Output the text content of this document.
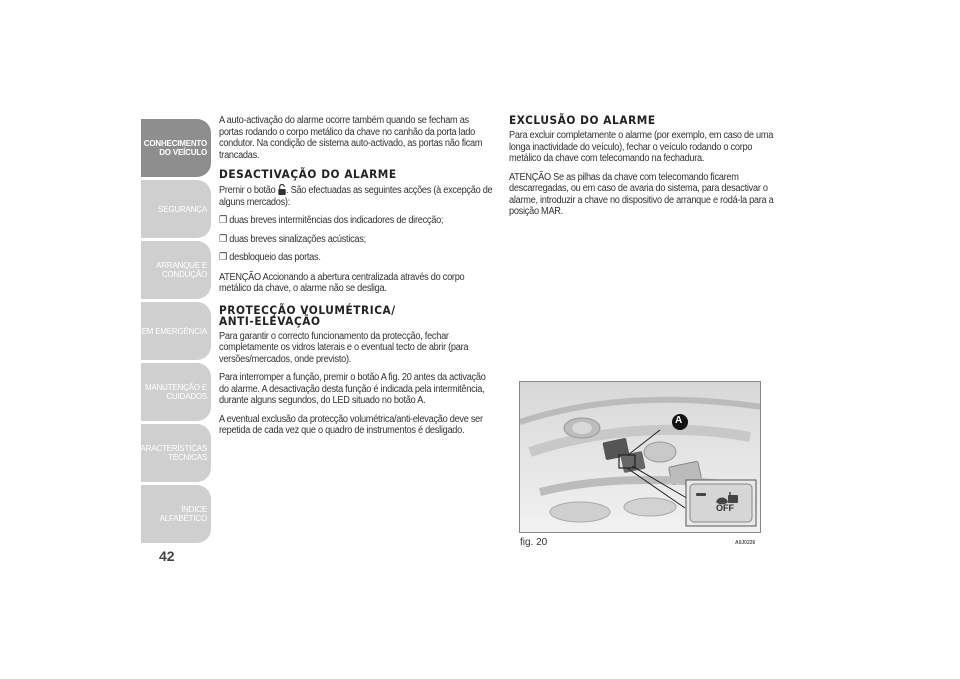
CONHECIMENTO DO VEÍCULO
SEGURANÇA
ARRANQUE E CONDUÇÃO
EM EMERGÊNCIA
MANUTENÇÃO E CUIDADOS
CARACTERÍSTICAS TÉCNICAS
ÍNDICE ALFABÉTICO
42

A auto-activação do alarme ocorre também quando se fecham as portas rodando o corpo metálico da chave no canhão da porta lado condutor. Na condição de sistema auto-activado, as portas não ficam trancadas.

DESACTIVAÇÃO DO ALARME

Premir o botão . São efectuadas as seguintes acções (à excepção de alguns mercados):

❐ duas breves intermitências dos indicadores de direcção;

❐ duas breves sinalizações acústicas;

❐ desbloqueio das portas.

ATENÇÃO Accionando a abertura centralizada através do corpo metálico da chave, o alarme não se desliga.

PROTECÇÃO VOLUMÉTRICA/
ANTI-ELEVAÇÃO

Para garantir o correcto funcionamento da protecção, fechar completamente os vidros laterais e o eventual tecto de abrir (para versões/mercados, onde previsto).

Para interromper a função, premir o botão A fig. 20 antes da activação do alarme. A desactivação desta função é indicada pela intermitência, durante alguns segundos, do LED situado no botão A.

A eventual exclusão da protecção volumétrica/anti-elevação deve ser repetida de cada vez que o quadro de instrumentos é desligado.

EXCLUSÃO DO ALARME

Para excluir completamente o alarme (por exemplo, em caso de uma longa inactividade do veículo), fechar o veículo rodando o corpo metálico da chave com telecomando na fechadura.

ATENÇÃO Se as pilhas da chave com telecomando ficarem descarregadas, ou em caso de avaria do sistema, para desactivar o alarme, introduzir a chave no dispositivo de arranque e rodá-la para a posição MAR.

A
OFF
fig. 20	A0J0226
